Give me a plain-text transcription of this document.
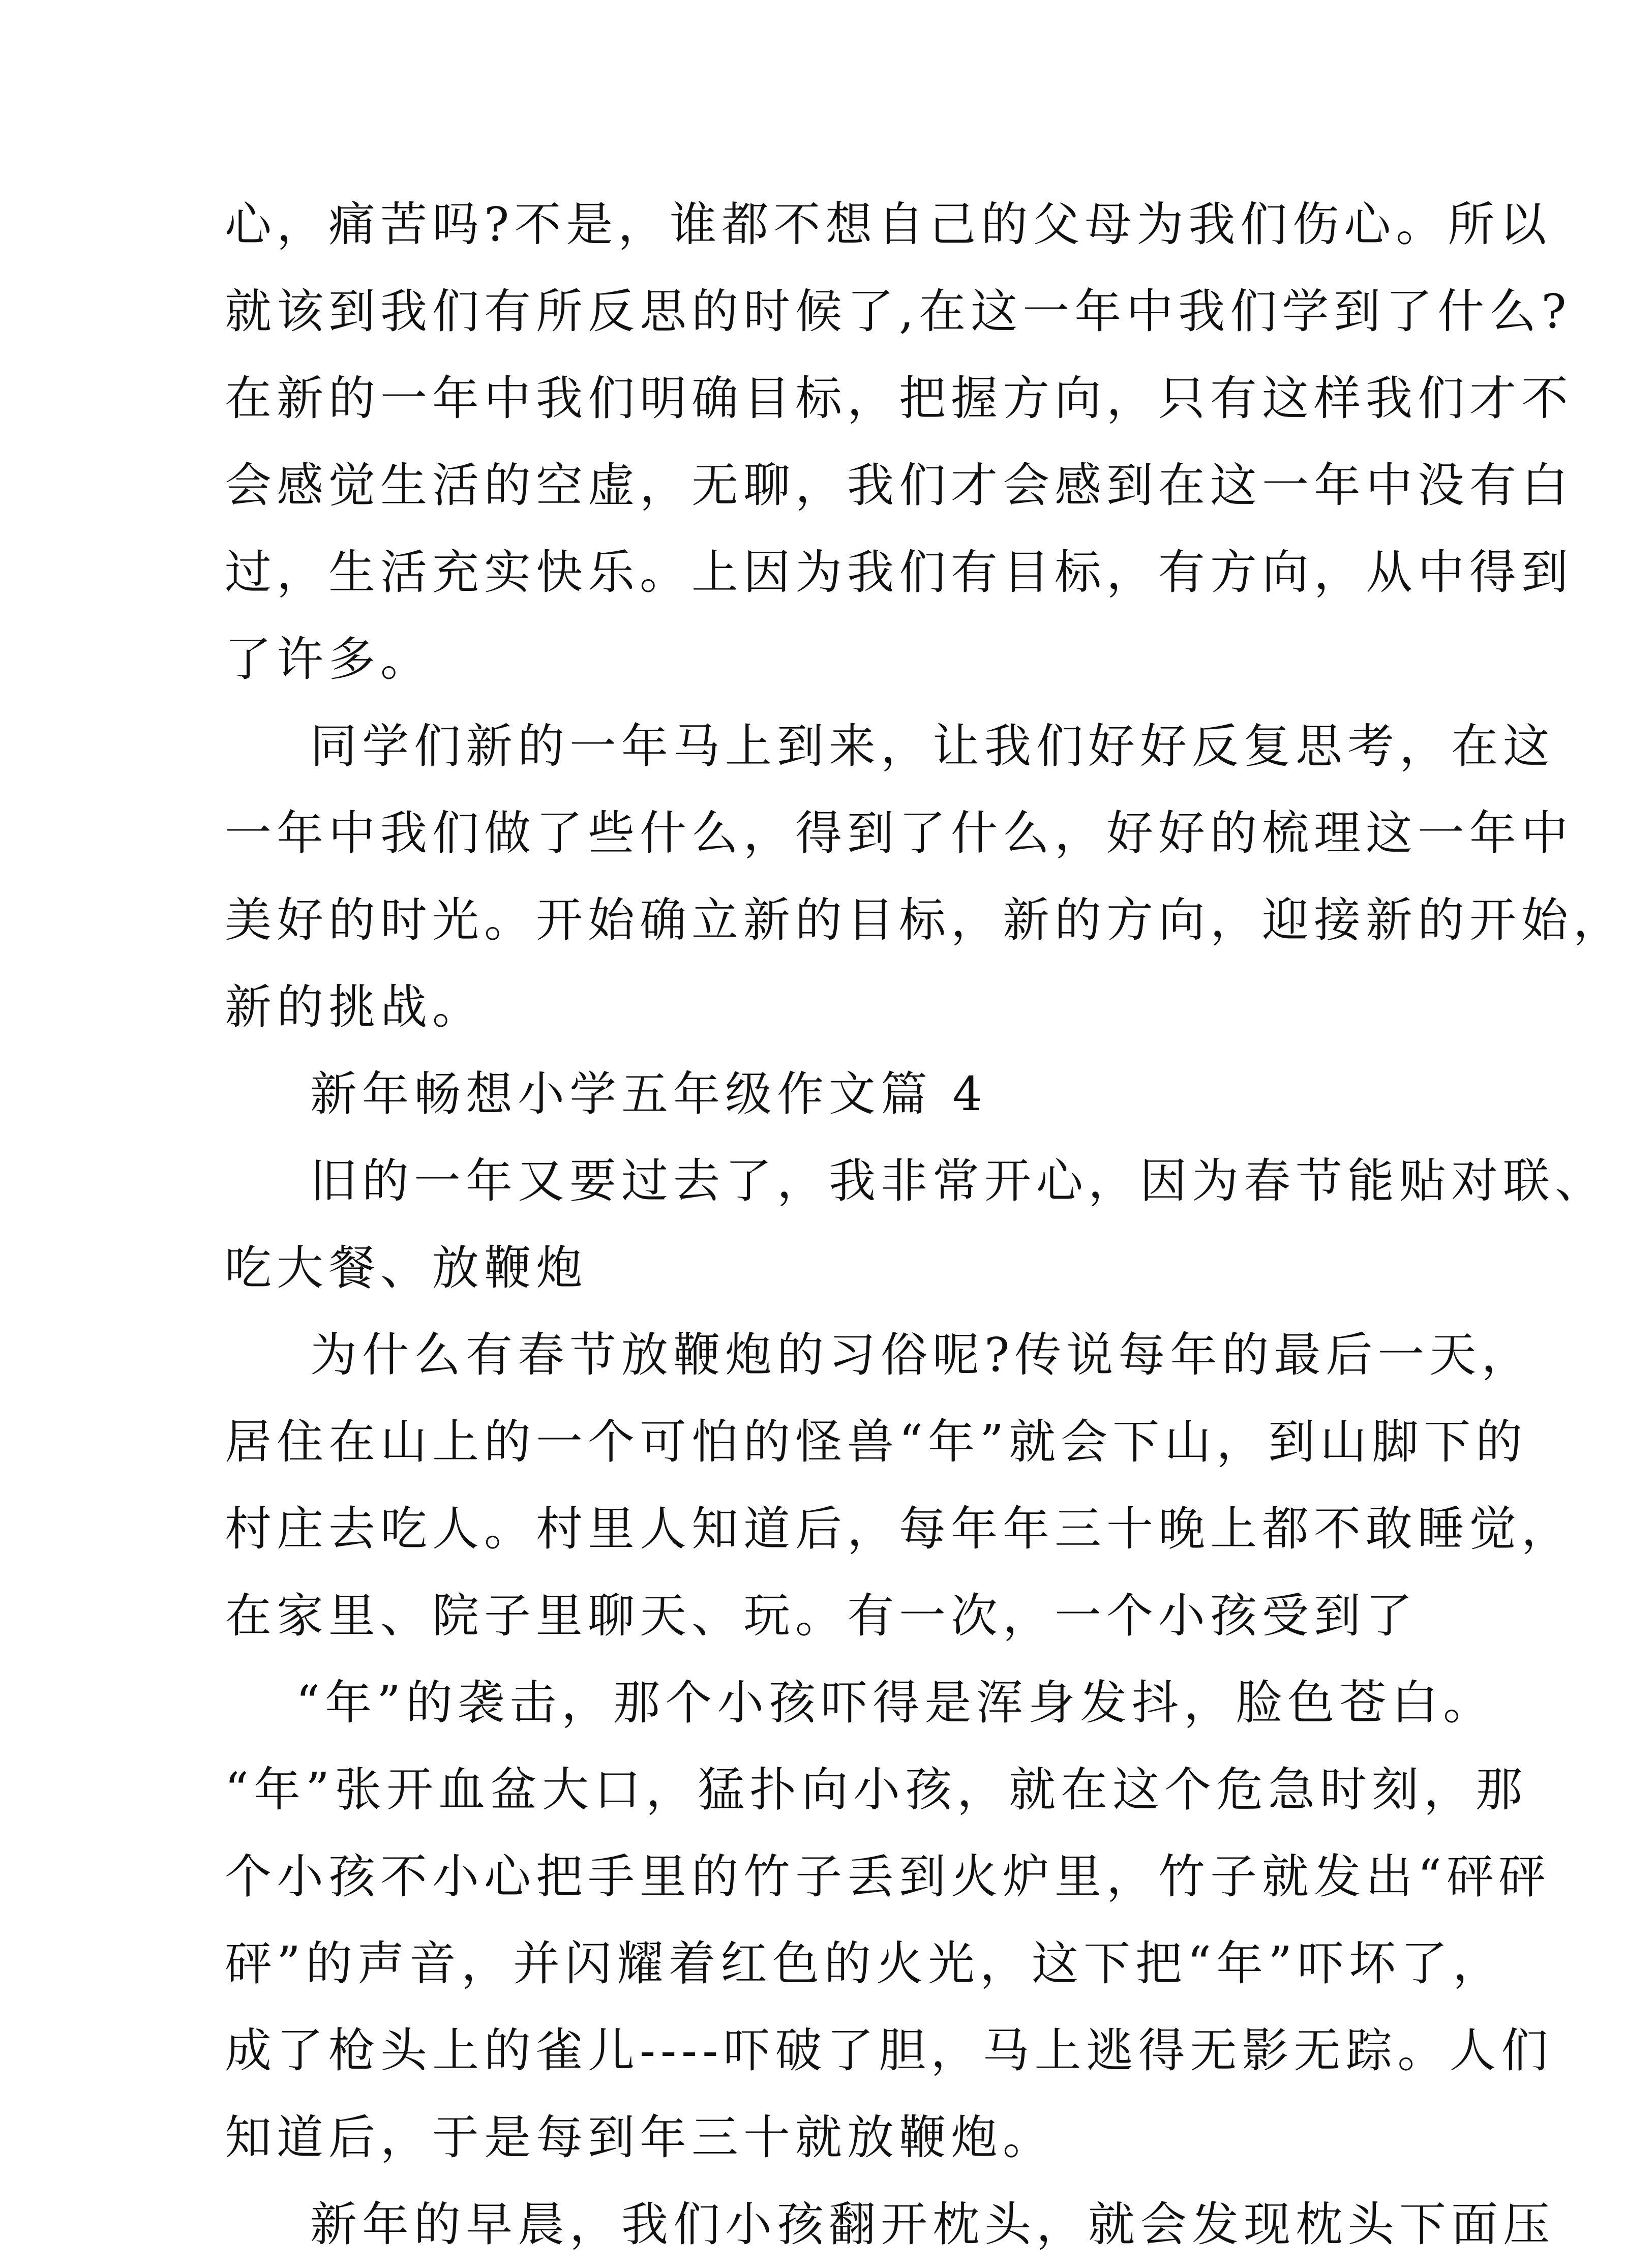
心，痛苦吗?不是，谁都不想自己的父母为我们伤心。所以
就该到我们有所反思的时候了,在这一年中我们学到了什么?
在新的一年中我们明确目标，把握方向，只有这样我们才不
会感觉生活的空虚，无聊，我们才会感到在这一年中没有白
过，生活充实快乐。上因为我们有目标，有方向，从中得到
了许多。
同学们新的一年马上到来，让我们好好反复思考，在这
一年中我们做了些什么，得到了什么，好好的梳理这一年中
美好的时光。开始确立新的目标，新的方向，迎接新的开始，
新的挑战。
新年畅想小学五年级作文篇 4
旧的一年又要过去了，我非常开心，因为春节能贴对联、
吃大餐、放鞭炮
为什么有春节放鞭炮的习俗呢?传说每年的最后一天，
居住在山上的一个可怕的怪兽“年”就会下山，到山脚下的
村庄去吃人。村里人知道后，每年年三十晚上都不敢睡觉，
在家里、院子里聊天、玩。有一次，一个小孩受到了
“年”的袭击，那个小孩吓得是浑身发抖，脸色苍白。
“年”张开血盆大口，猛扑向小孩，就在这个危急时刻，那
个小孩不小心把手里的竹子丢到火炉里，竹子就发出“砰砰
砰”的声音，并闪耀着红色的火光，这下把“年”吓坏了，
成了枪头上的雀儿----吓破了胆，马上逃得无影无踪。人们
知道后，于是每到年三十就放鞭炮。
新年的早晨，我们小孩翻开枕头，就会发现枕头下面压
